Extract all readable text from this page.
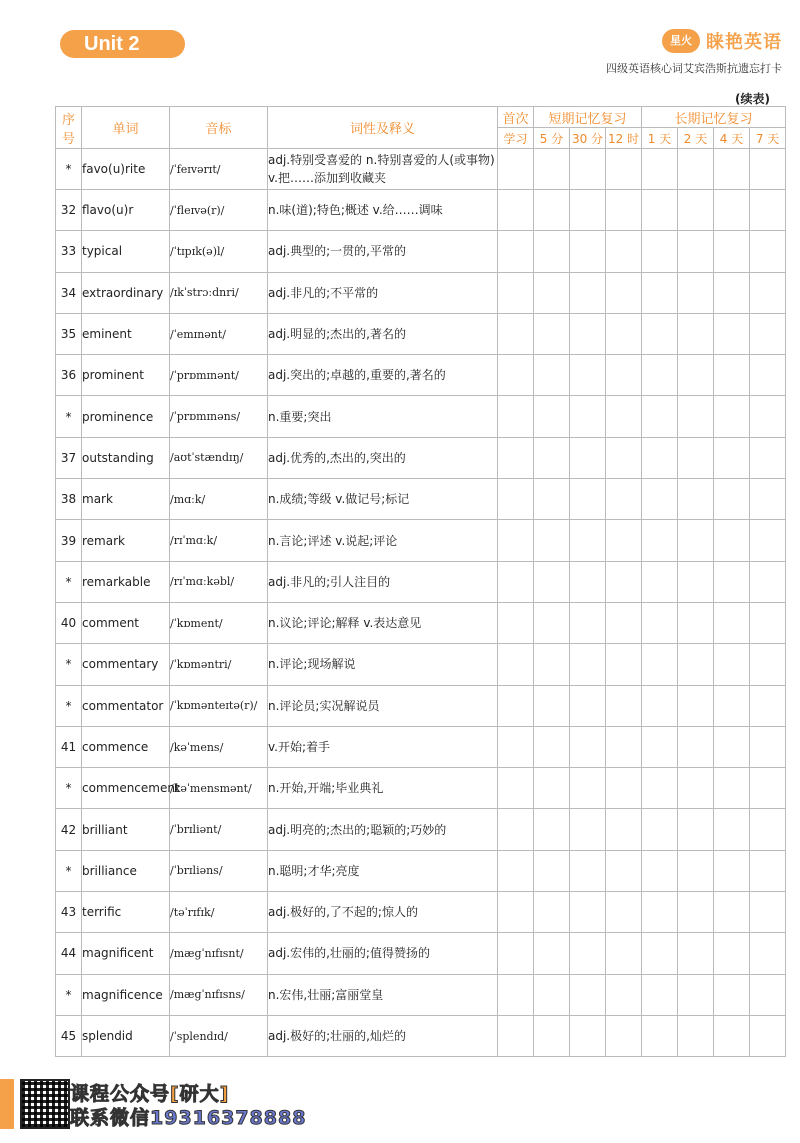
Unit 2	星火 睐艳英语
四级英语核心词艾宾浩斯抗遗忘打卡
(续表)
序号	单词	音标	词性及释义	首次	短期记忆复习			长期记忆复习			
				学习	5 分	30 分	12 时	1 天	2 天	4 天	7 天
*	favo(u)rite	/ˈfeɪvərɪt/	adj.特别受喜爱的 n.特别喜爱的人(或事物) v.把……添加到收藏夹								
32	flavo(u)r	/ˈfleɪvə(r)/	n.味(道);特色;概述 v.给……调味								
33	typical	/ˈtɪpɪk(ə)l/	adj.典型的;一贯的,平常的								
34	extraordinary	/ɪkˈstrɔːdnri/	adj.非凡的;不平常的								
35	eminent	/ˈemɪnənt/	adj.明显的;杰出的,著名的								
36	prominent	/ˈprɒmɪnənt/	adj.突出的;卓越的,重要的,著名的								
*	prominence	/ˈprɒmɪnəns/	n.重要;突出								
37	outstanding	/aʊtˈstændɪŋ/	adj.优秀的,杰出的,突出的								
38	mark	/mɑːk/	n.成绩;等级 v.做记号;标记								
39	remark	/rɪˈmɑːk/	n.言论;评述 v.说起;评论								
*	remarkable	/rɪˈmɑːkəbl/	adj.非凡的;引人注目的								
40	comment	/ˈkɒment/	n.议论;评论;解释 v.表达意见								
*	commentary	/ˈkɒməntri/	n.评论;现场解说								
*	commentator	/ˈkɒmənteɪtə(r)/	n.评论员;实况解说员								
41	commence	/kəˈmens/	v.开始;着手								
*	commencement	/kəˈmensmənt/	n.开始,开端;毕业典礼								
42	brilliant	/ˈbrɪliənt/	adj.明亮的;杰出的;聪颖的;巧妙的								
*	brilliance	/ˈbrɪliəns/	n.聪明;才华;亮度								
43	terrific	/təˈrɪfɪk/	adj.极好的,了不起的;惊人的								
44	magnificent	/mæɡˈnɪfɪsnt/	adj.宏伟的,壮丽的;值得赞扬的								
*	magnificence	/mæɡˈnɪfɪsns/	n.宏伟,壮丽;富丽堂皇								
45	splendid	/ˈsplendɪd/	adj.极好的;壮丽的,灿烂的								
课程公众号[研大]
联系微信19316378888
